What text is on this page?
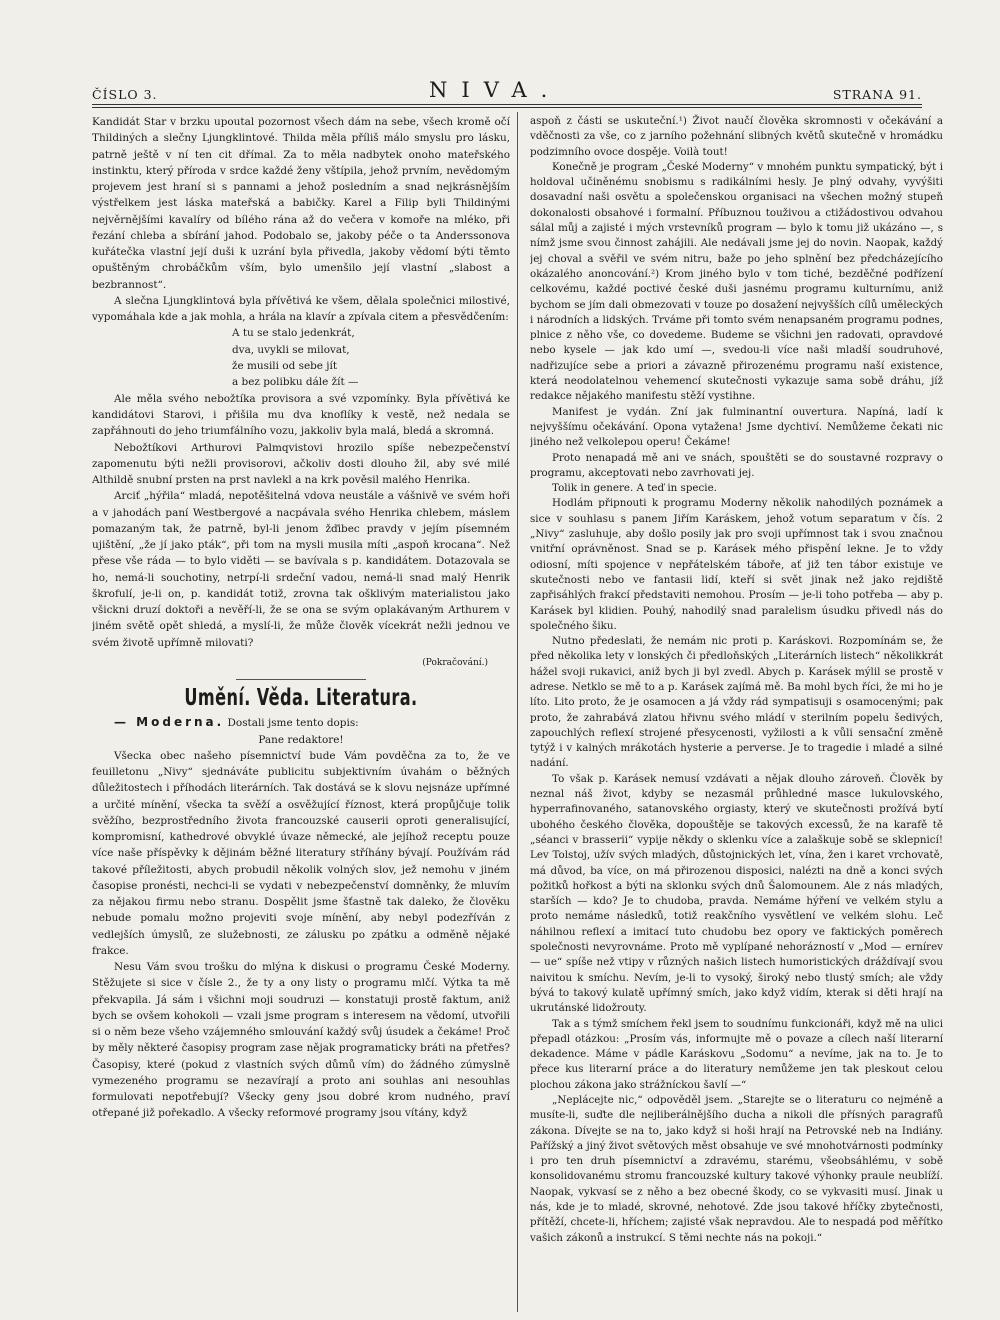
ČÍSLO 3.	NIVA.	STRANA 91.

Kandidát Star v brzku upoutal pozornost všech dám na sebe, všech kromě očí Thildiných a slečny Ljungklintové. Thilda měla příliš málo smyslu pro lásku, patrně ještě v ní ten cit dřímal. Za to měla nadbytek onoho mateřského instinktu, který příroda v srdce každé ženy vštípila, jehož prvním, nevědomým projevem jest hraní si s pannami a jehož posledním a snad nejkrásnějším výstřelkem jest láska mateřská a babičky. Karel a Filip byli Thildinými nejvěrnějšími kavalíry od bílého rána až do večera v komoře na mléko, při řezání chleba a sbírání jahod. Podobalo se, jakoby péče o ta Anderssonova kuřátečka vlastní její duši k uzrání byla přivedla, jakoby vědomí býti těmto opuštěným chrobáčkům vším, bylo umenšilo její vlastní „slabost a bezbrannost“.

A slečna Ljungklintová byla přívětivá ke všem, dělala společnici milostivé, vypomáhala kde a jak mohla, a hrála na klavír a zpívala citem a přesvědčením:

A tu se stalo jedenkrát,
dva, uvykli se milovat,
že musili od sebe jít
a bez polibku dále žít —

Ale měla svého nebožtíka provisora a své vzpomínky. Byla přívětivá ke kandidátovi Starovi, i přišila mu dva knoflíky k vestě, než nedala se zapřáhnouti do jeho triumfálního vozu, jakkoliv byla malá, bledá a skromná.

Nebožtíkovi Arthurovi Palmqvistovi hrozilo spíše nebezpečenství zapomenutu býti nežli provisorovi, ačkoliv dosti dlouho žil, aby své milé Althildě snubní prsten na prst navlekl a na krk pověsil malého Henrika.

Arciť „hýřila“ mladá, nepotěšitelná vdova neustále a vášnivě ve svém hoři a v jahodách paní Westbergové a nacpávala svého Henrika chlebem, máslem pomazaným tak, že patrně, byl-li jenom žďibec pravdy v jejím písemném ujištění, „že jí jako pták“, při tom na mysli musila míti „aspoň krocana“. Než přese vše ráda — to bylo viděti — se bavívala s p. kandidátem. Dotazovala se ho, nemá-li souchotiny, netrpí-li srdeční vadou, nemá-li snad malý Henrik škrofulí, je-li on, p. kandidát totiž, zrovna tak ošklivým materialistou jako všickni druzí doktoři a nevěří-li, že se ona se svým oplakávaným Arthurem v jiném světě opět shledá, a myslí-li, že může člověk vícekrát nežli jednou ve svém životě upřímně milovati?

(Pokračování.)
Umění. Věda. Literatura.

— Moderna. Dostali jsme tento dopis:

Pane redaktore!

Všecka obec našeho písemnictví bude Vám povděčna za to, že ve feuilletonu „Nivy“ sjednáváte publicitu subjektivním úvahám o běžných důležitostech i příhodách literárních. Tak dostává se k slovu nejsnáze upřímné a určité mínění, všecka ta svěží a osvěžující říznost, která propůjčuje tolik svěžího, bezprostředního života francouzské causerii oproti generalisující, kompromisní, kathedrové obvyklé úvaze německé, ale jejíhož receptu pouze více naše příspěvky k dějinám běžné literatury stříhány bývají. Používám rád takové příležitosti, abych probudil několik volných slov, jež nemohu v jiném časopise pronésti, nechci-li se vydati v nebezpečenství domněnky, že mluvím za nějakou firmu nebo stranu. Dospělit jsme šťastně tak daleko, že člověku nebude pomalu možno projeviti svoje mínění, aby nebyl podezříván z vedlejších úmyslů, ze služebnosti, ze zálusku po zpátku a odměně nějaké frakce.

Nesu Vám svou trošku do mlýna k diskusi o programu České Moderny. Stěžujete si sice v čísle 2., že ty a ony listy o programu mlčí. Výtka ta mě překvapila. Já sám i všichni moji soudruzi — konstatuji prostě faktum, aniž bych se ovšem kohokoli — vzali jsme program s interesem na vědomí, utvořili si o něm beze všeho vzájemného smlouvání každý svůj úsudek a čekáme! Proč by měly některé časopisy program zase nějak programaticky bráti na přetřes? Časopisy, které (pokud z vlastních svých důmů vím) do žádného zúmyslně vymezeného programu se nezavírají a proto ani souhlas ani nesouhlas formulovati nepotřebují? Všecky geny jsou dobré krom nudného, praví otřepané již pořekadlo. A všecky reformové programy jsou vítány, když

aspoň z části se uskuteční.¹) Život naučí člověka skromnosti v očekávání a vděčnosti za vše, co z jarního požehnání slibných květů skutečně v hromádku podzimního ovoce dospěje. Voilà tout!

Konečně je program „České Moderny“ v mnohém punktu sympatický, být i holdoval učiněnému snobismu s radikálními hesly. Je plný odvahy, vyvýšiti dosavadní naši osvětu a společenskou organisaci na všechen možný stupeň dokonalosti obsahové i formalní. Příbuznou touživou a ctižádostivou odvahou sálal můj a zajisté i mých vrstevníků program — bylo k tomu již ukázáno —, s nímž jsme svou činnost zahájili. Ale nedávali jsme jej do novin. Naopak, každý jej choval a svěřil ve svém nitru, baže po jeho splnění bez předcházejícího okázalého anoncování.²) Krom jiného bylo v tom tiché, bezděčné podřízení celkovému, každé poctivé české duši jasnému programu kulturnímu, aniž bychom se jím dali obmezovati v touze po dosažení nejvyšších cílů uměleckých i národních a lidských. Trváme při tomto svém nenapsaném programu podnes, plnice z něho vše, co dovedeme. Budeme se všichni jen radovati, opravdové nebo kysele — jak kdo umí —, svedou-li více naši mladší soudruhové, nadřizujíce sebe a priori a závazně přirozenému programu naší existence, která neodolatelnou vehemencí skutečnosti vykazuje sama sobě dráhu, jíž redakce nějakého manifestu stěží vystihne.

Manifest je vydán. Zní jak fulminantní ouvertura. Napíná, ladí k nejvyššímu očekávání. Opona vytažena! Jsme dychtiví. Nemůžeme čekati nic jiného než velkolepou operu! Čekáme!

Proto nenapadá mě ani ve snách, spouštěti se do soustavné rozpravy o programu, akceptovati nebo zavrhovati jej.

Tolik in genere. A teď in specie.

Hodlám připnouti k programu Moderny několik nahodilých poznámek a sice v souhlasu s panem Jiřím Karáskem, jehož votum separatum v čís. 2 „Nivy“ zasluhuje, aby došlo posily jak pro svoji upřímnost tak i svou značnou vnitřní oprávněnost. Snad se p. Karásek mého přispění lekne. Je to vždy odiosní, míti spojence v nepřátelském táboře, ať již ten tábor existuje ve skutečnosti nebo ve fantasii lidí, kteří si svět jinak než jako rejdiště zapřisáhlých frakcí představiti nemohou. Prosím — je-li toho potřeba — aby p. Karásek byl klidien. Pouhý, nahodilý snad paralelism úsudku přivedl nás do společného šiku.

Nutno předeslati, že nemám nic proti p. Karáskovi. Rozpomínám se, že před několika lety v lonských či předloňských „Literárních listech“ několikkrát hážel svoji rukavici, aniž bych ji byl zvedl. Abych p. Karásek mýlil se prostě v adrese. Netklo se mě to a p. Karásek zajímá mě. Ba mohl bych říci, že mi ho je líto. Lito proto, že je osamocen a já vždy rád sympatisuji s osamocenými; pak proto, že zahrabává zlatou hřivnu svého mládí v sterilním popelu šedivých, zapouchlých reflexí strojené přesycenosti, vyžilosti a k vůli sensační změně tytýž i v kalných mrákotách hysterie a perverse. Je to tragedie i mladé a silné nadání.

To však p. Karásek nemusí vzdávati a nějak dlouho zároveň. Člověk by neznal náš život, kdyby se nezasmál průhledné masce lukulovského, hyperrafinovaného, satanovského orgiasty, který ve skutečnosti prožívá bytí ubohého českého člověka, dopouštěje se takových excessů, že na karafě tě „séanci v brasserii“ vypije někdy o sklenku více a zalaškuje sobě se sklepnicí! Lev Tolstoj, užív svých mladých, důstojnických let, vína, žen i karet vrchovatě, má důvod, ba více, on má přirozenou disposici, nalézti na dně a konci svých požitků hořkost a býti na sklonku svých dnů Šalomounem. Ale z nás mladých, starších — kdo? Je to chudoba, pravda. Nemáme hýření ve velkém stylu a proto nemáme následků, totiž reakčního vysvětlení ve velkém slohu. Leč náhilnou reflexí a imitací tuto chudobu bez opory ve faktických poměrech společnosti nevyrovnáme. Proto mě vyplípané nehorázností v „Mod — ernírev — ue“ spíše než vtipy v různých našich listech humoristických dráždívají svou naivitou k smíchu. Nevím, je-li to vysoký, široký nebo tlustý smích; ale vždy bývá to takový kulatě upřímný smích, jako když vidím, kterak si děti hrají na ukrutánské lidožrouty.

Tak a s týmž smíchem řekl jsem to soudnímu funkcionáři, když mě na ulici přepadl otázkou: „Prosím vás, informujte mě o povaze a cílech naší literarní dekadence. Máme v pádle Karáskovu „Sodomu“ a nevíme, jak na to. Je to přece kus literarní práce a do literatury nemůžeme jen tak pleskout celou plochou zákona jako strážníckou šavlí —“

„Neplácejte nic,“ odpověděl jsem. „Starejte se o literaturu co nejméně a musíte-li, suďte dle nejliberálnějšího ducha a nikoli dle přísných paragrafů zákona. Dívejte se na to, jako když si hoši hrají na Petrovské neb na Indiány. Pařížský a jiný život světových měst obsahuje ve své mnohotvárnosti podmínky i pro ten druh písemnictví a zdravému, starému, všeobsáhlému, v sobě konsolidovanému stromu francouzské kultury takové výhonky praule neublíží. Naopak, vykvasí se z něho a bez obecné škody, co se vykvasiti musí. Jinak u nás, kde je to mladé, skrovné, nehotové. Zde jsou takové hříčky zbytečnosti, přítěží, chcete-li, hříchem; zajisté však nepravdou. Ale to nespadá pod měřítko vašich zákonů a instrukcí. S těmi nechte nás na pokoji.“
